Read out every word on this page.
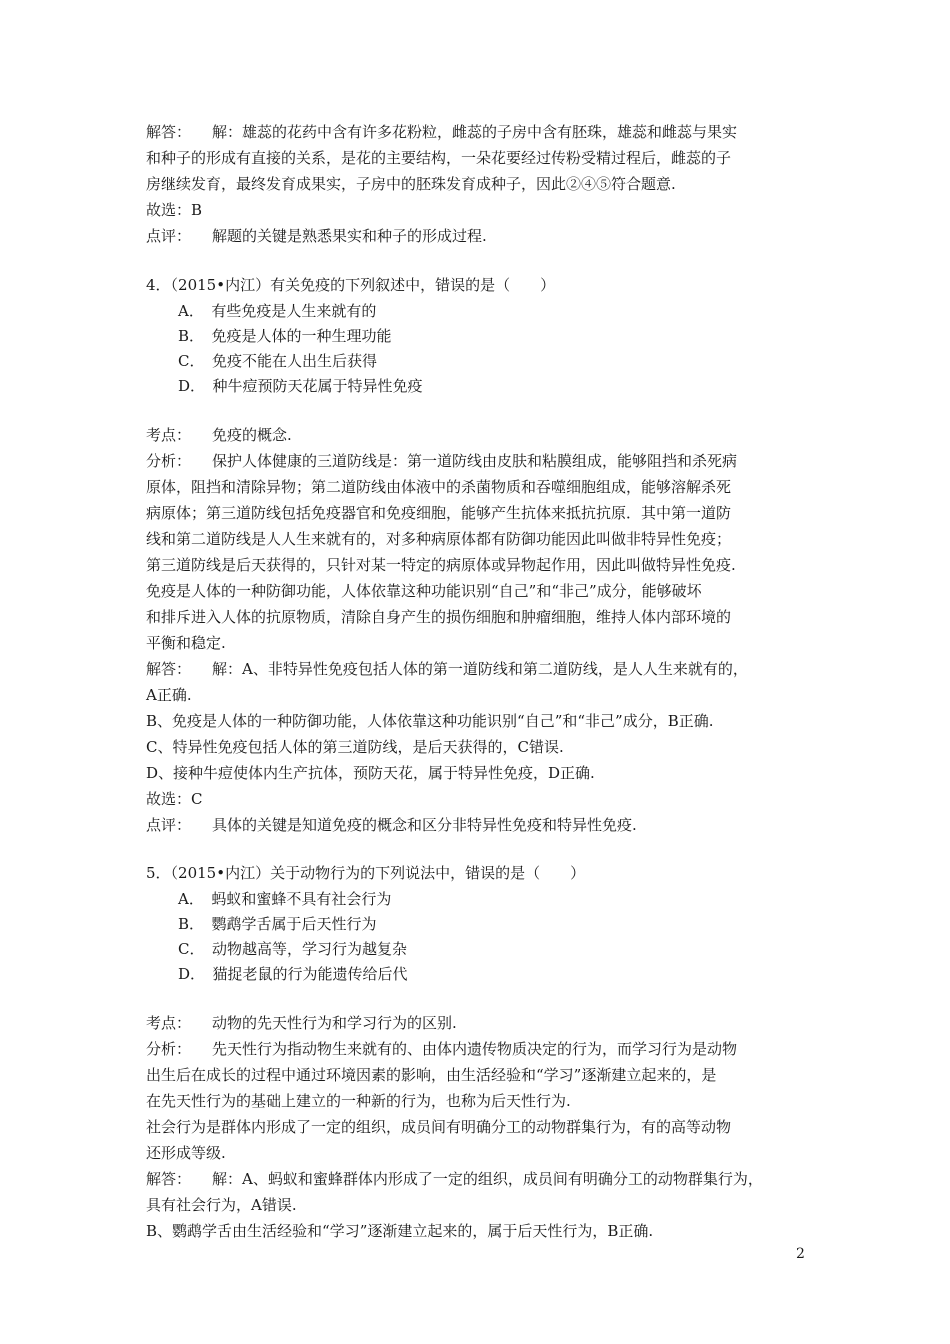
解答： 解：雄蕊的花药中含有许多花粉粒，雌蕊的子房中含有胚珠，雄蕊和雌蕊与果实
和种子的形成有直接的关系，是花的主要结构，一朵花要经过传粉受精过程后，雌蕊的子
房继续发育，最终发育成果实，子房中的胚珠发育成种子，因此②④⑤符合题意.
故选：B
点评： 解题的关键是熟悉果实和种子的形成过程.
4．（2015•内江）有关免疫的下列叙述中，错误的是（　　）
A．　有些免疫是人生来就有的
B．　免疫是人体的一种生理功能
C．　免疫不能在人出生后获得
D．　种牛痘预防天花属于特异性免疫
考点： 免疫的概念.
分析： 保护人体健康的三道防线是：第一道防线由皮肤和粘膜组成，能够阻挡和杀死病
原体，阻挡和清除异物；第二道防线由体液中的杀菌物质和吞噬细胞组成，能够溶解杀死
病原体；第三道防线包括免疫器官和免疫细胞，能够产生抗体来抵抗抗原．其中第一道防
线和第二道防线是人人生来就有的，对多种病原体都有防御功能因此叫做非特异性免疫；
第三道防线是后天获得的，只针对某一特定的病原体或异物起作用，因此叫做特异性免疫.
免疫是人体的一种防御功能，人体依靠这种功能识别“自己”和“非己”成分，能够破坏
和排斥进入人体的抗原物质，清除自身产生的损伤细胞和肿瘤细胞，维持人体内部环境的
平衡和稳定.
解答： 解：A、非特异性免疫包括人体的第一道防线和第二道防线，是人人生来就有的，
A正确.
B、免疫是人体的一种防御功能，人体依靠这种功能识别“自己”和“非己”成分，B正确.
C、特异性免疫包括人体的第三道防线，是后天获得的，C错误.
D、接种牛痘使体内生产抗体，预防天花，属于特异性免疫，D正确.
故选：C
点评： 具体的关键是知道免疫的概念和区分非特异性免疫和特异性免疫.
5．（2015•内江）关于动物行为的下列说法中，错误的是（　　）
A．　蚂蚁和蜜蜂不具有社会行为
B．　鹦鹉学舌属于后天性行为
C．　动物越高等，学习行为越复杂
D．　猫捉老鼠的行为能遗传给后代
考点： 动物的先天性行为和学习行为的区别.
分析： 先天性行为指动物生来就有的、由体内遗传物质决定的行为，而学习行为是动物
出生后在成长的过程中通过环境因素的影响，由生活经验和“学习”逐渐建立起来的，是
在先天性行为的基础上建立的一种新的行为，也称为后天性行为.
社会行为是群体内形成了一定的组织，成员间有明确分工的动物群集行为，有的高等动物
还形成等级.
解答： 解：A、蚂蚁和蜜蜂群体内形成了一定的组织，成员间有明确分工的动物群集行为，
具有社会行为，A错误.
B、鹦鹉学舌由生活经验和“学习”逐渐建立起来的，属于后天性行为，B正确.
2
